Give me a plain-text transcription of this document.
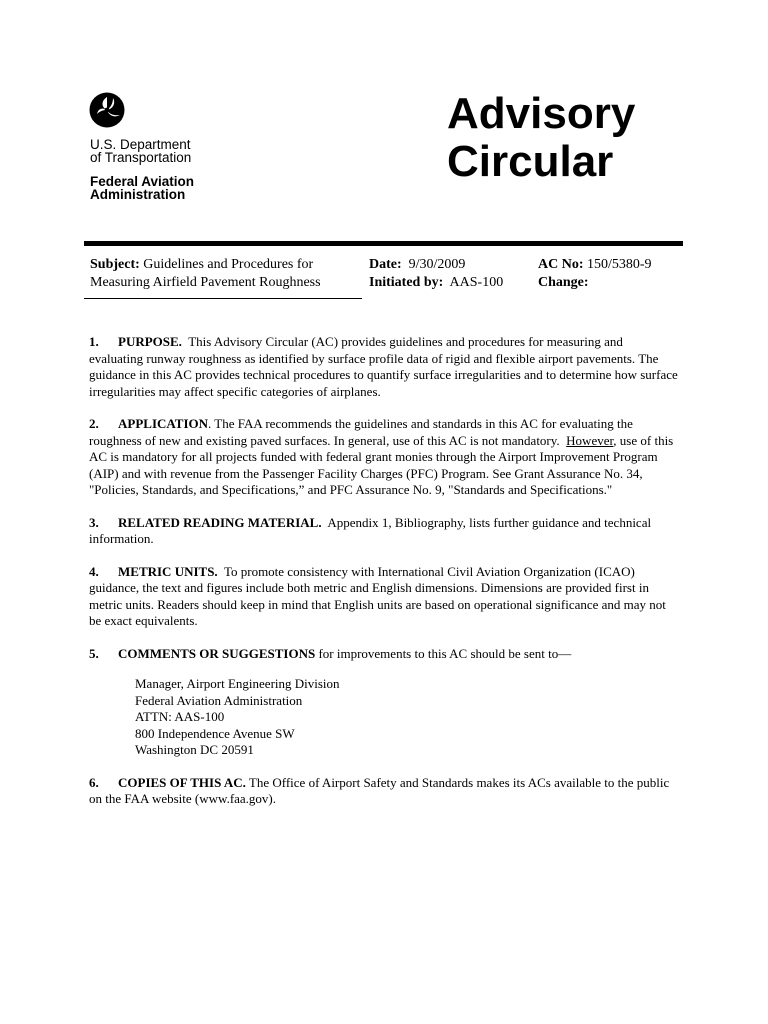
U.S. Department
of Transportation
Federal Aviation
Administration
Advisory
Circular
Subject: Guidelines and Procedures for
Measuring Airfield Pavement Roughness
Date: 9/30/2009
Initiated by: AAS-100
AC No: 150/5380-9
Change:

1. PURPOSE. This Advisory Circular (AC) provides guidelines and procedures for measuring and evaluating runway roughness as identified by surface profile data of rigid and flexible airport pavements. The guidance in this AC provides technical procedures to quantify surface irregularities and to determine how surface irregularities may affect specific categories of airplanes.

2. APPLICATION. The FAA recommends the guidelines and standards in this AC for evaluating the roughness of new and existing paved surfaces. In general, use of this AC is not mandatory. However, use of this AC is mandatory for all projects funded with federal grant monies through the Airport Improvement Program (AIP) and with revenue from the Passenger Facility Charges (PFC) Program. See Grant Assurance No. 34, "Policies, Standards, and Specifications,” and PFC Assurance No. 9, "Standards and Specifications."

3. RELATED READING MATERIAL. Appendix 1, Bibliography, lists further guidance and technical information.

4. METRIC UNITS. To promote consistency with International Civil Aviation Organization (ICAO) guidance, the text and figures include both metric and English dimensions. Dimensions are provided first in metric units. Readers should keep in mind that English units are based on operational significance and may not be exact equivalents.

5. COMMENTS OR SUGGESTIONS for improvements to this AC should be sent to—

Manager, Airport Engineering Division
Federal Aviation Administration
ATTN: AAS-100
800 Independence Avenue SW
Washington DC 20591

6. COPIES OF THIS AC. The Office of Airport Safety and Standards makes its ACs available to the public on the FAA website (www.faa.gov).
